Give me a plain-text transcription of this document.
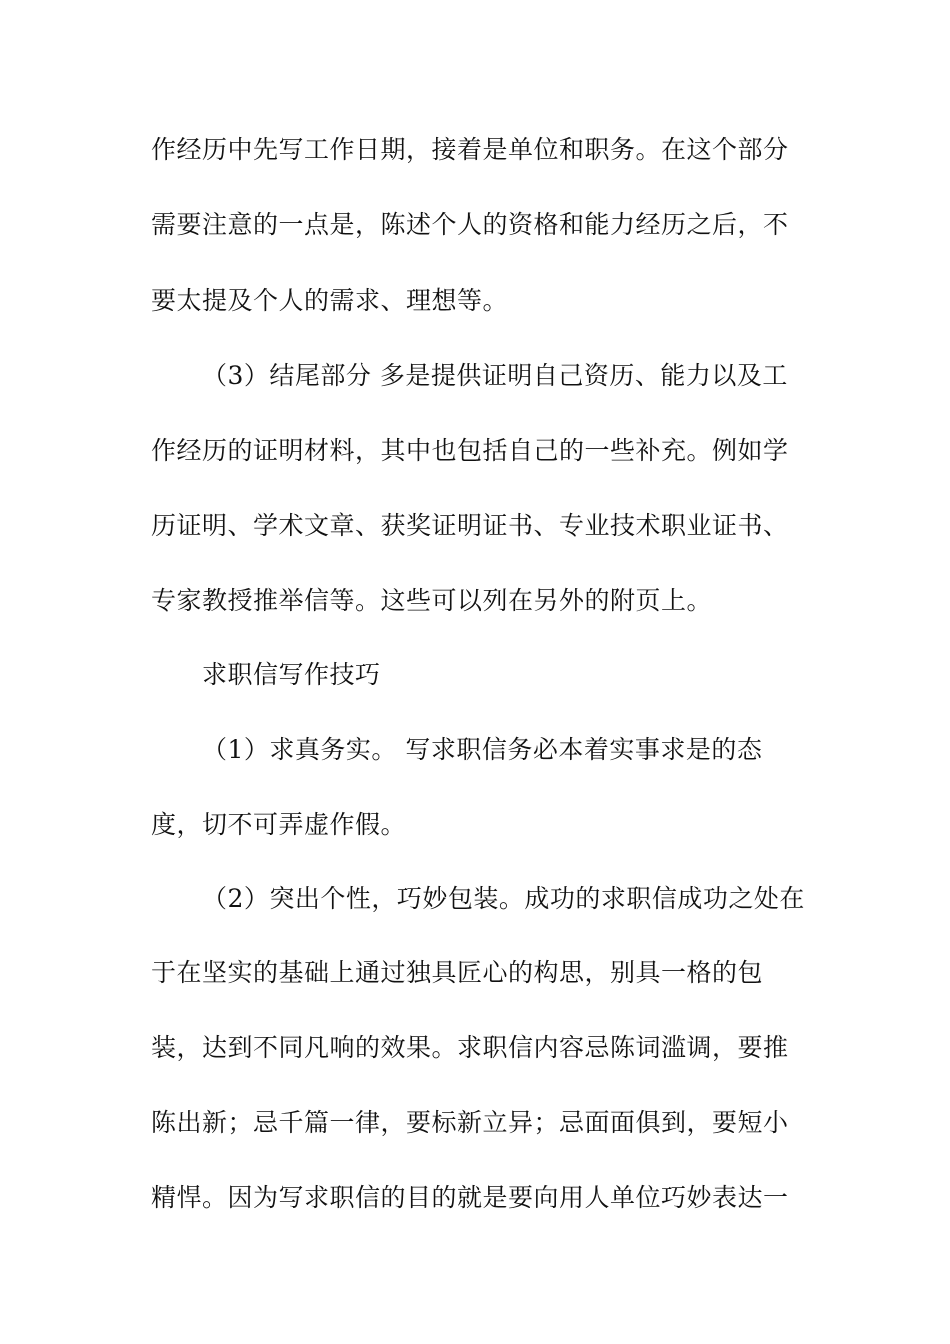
作经历中先写工作日期，接着是单位和职务。在这个部分
需要注意的一点是，陈述个人的资格和能力经历之后，不
要太提及个人的需求、理想等。
（3）结尾部分 多是提供证明自己资历、能力以及工
作经历的证明材料，其中也包括自己的一些补充。例如学
历证明、学术文章、获奖证明证书、专业技术职业证书、
专家教授推举信等。这些可以列在另外的附页上。
求职信写作技巧
（1）求真务实。 写求职信务必本着实事求是的态
度，切不可弄虚作假。
（2）突出个性，巧妙包装。成功的求职信成功之处在
于在坚实的基础上通过独具匠心的构思，别具一格的包
装，达到不同凡响的效果。求职信内容忌陈词滥调，要推
陈出新；忌千篇一律，要标新立异；忌面面俱到，要短小
精悍。因为写求职信的目的就是要向用人单位巧妙表达一
